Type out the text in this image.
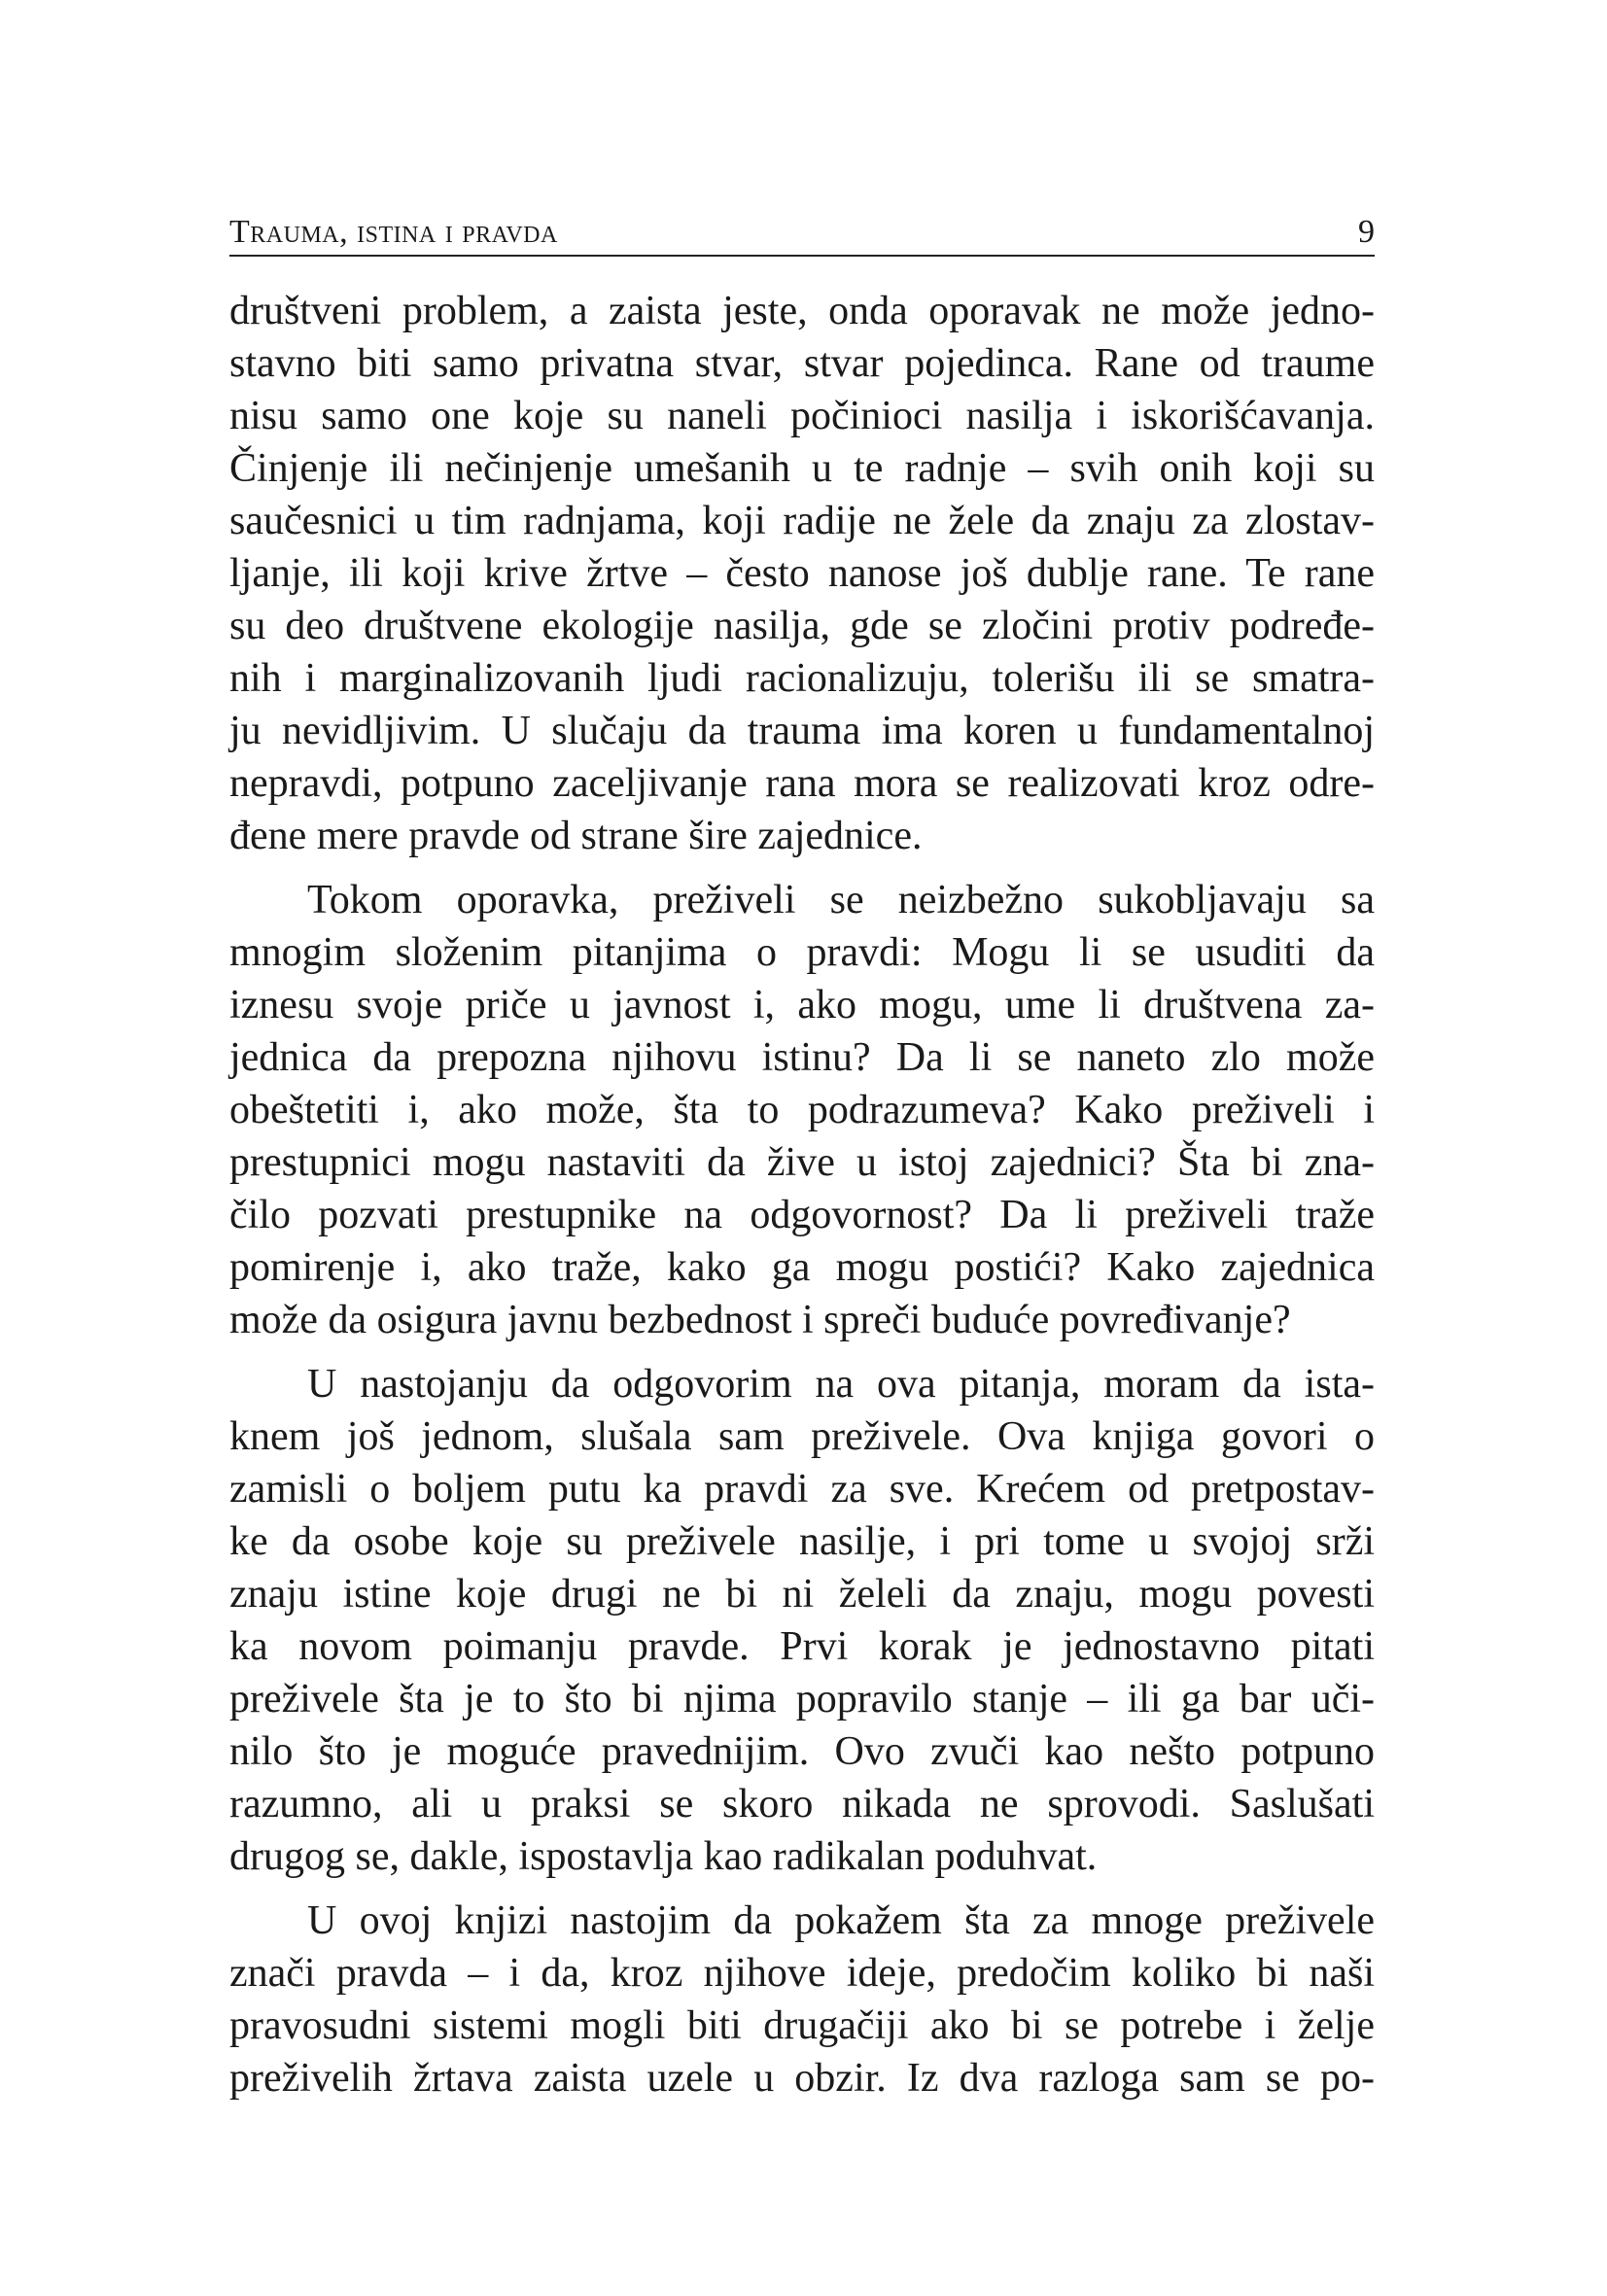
Trauma, istina i pravda	9
društveni problem, a zaista jeste, onda oporavak ne može jedno-
stavno biti samo privatna stvar, stvar pojedinca. Rane od traume
nisu samo one koje su naneli počinioci nasilja i iskorišćavanja.
Činjenje ili nečinjenje umešanih u te radnje – svih onih koji su
saučesnici u tim radnjama, koji radije ne žele da znaju za zlostav-
ljanje, ili koji krive žrtve – često nanose još dublje rane. Te rane
su deo društvene ekologije nasilja, gde se zločini protiv podređe-
nih i marginalizovanih ljudi racionalizuju, tolerišu ili se smatra-
ju nevidljivim. U slučaju da trauma ima koren u fundamentalnoj
nepravdi, potpuno zaceljivanje rana mora se realizovati kroz odre-
đene mere pravde od strane šire zajednice.
Tokom oporavka, preživeli se neizbežno sukobljavaju sa
mnogim složenim pitanjima o pravdi: Mogu li se usuditi da
iznesu svoje priče u javnost i, ako mogu, ume li društvena za-
jednica da prepozna njihovu istinu? Da li se naneto zlo može
obeštetiti i, ako može, šta to podrazumeva? Kako preživeli i
prestupnici mogu nastaviti da žive u istoj zajednici? Šta bi zna-
čilo pozvati prestupnike na odgovornost? Da li preživeli traže
pomirenje i, ako traže, kako ga mogu postići? Kako zajednica
može da osigura javnu bezbednost i spreči buduće povređivanje?
U nastojanju da odgovorim na ova pitanja, moram da ista-
knem još jednom, slušala sam preživele. Ova knjiga govori o
zamisli o boljem putu ka pravdi za sve. Krećem od pretpostav-
ke da osobe koje su preživele nasilje, i pri tome u svojoj srži
znaju istine koje drugi ne bi ni želeli da znaju, mogu povesti
ka novom poimanju pravde. Prvi korak je jednostavno pitati
preživele šta je to što bi njima popravilo stanje – ili ga bar uči-
nilo što je moguće pravednijim. Ovo zvuči kao nešto potpuno
razumno, ali u praksi se skoro nikada ne sprovodi. Saslušati
drugog se, dakle, ispostavlja kao radikalan poduhvat.
U ovoj knjizi nastojim da pokažem šta za mnoge preživele
znači pravda – i da, kroz njihove ideje, predočim koliko bi naši
pravosudni sistemi mogli biti drugačiji ako bi se potrebe i želje
preživelih žrtava zaista uzele u obzir. Iz dva razloga sam se po-
